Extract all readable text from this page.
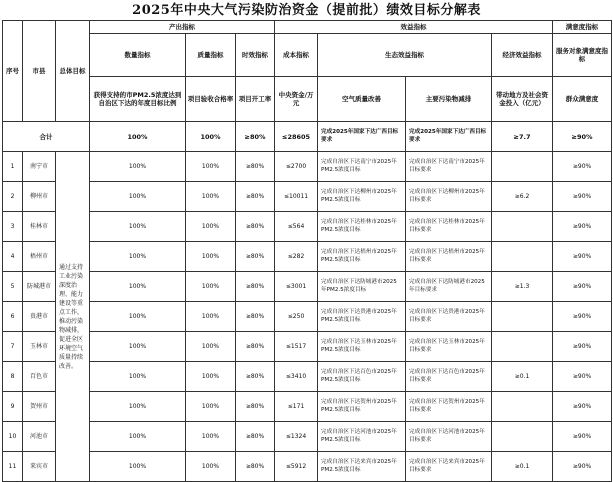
2025年中央大气污染防治资金（提前批）绩效目标分解表
序号	市县	总体目标	产出指标			效益指标				满意度指标
			数量指标	质量指标	时效指标	成本指标	生态效益指标		经济效益指标	服务对象满意度指标
			获得支持的市PM2.5浓度达到自治区下达的年度目标比例	项目验收合格率	项目开工率	中央资金/万元	空气质量改善	主要污染物减排	带动地方及社会资金投入（亿元）	群众满意度
合计			100%	100%	≥80%	≤28605	完成2025年国家下达广西目标要求	完成2025年国家下达广西目标要求	≥7.7	≥90%
1	南宁市	通过支持工业污染深度治理、能力建设等重点工作，推动污染物减排，促进全区环境空气质量持续改善。	100%	100%	≥80%	≤2700	完成自治区下达南宁市2025年PM2.5浓度目标	完成自治区下达南宁市2025年目标要求		≥90%
2	柳州市		100%	100%	≥80%	≤10011	完成自治区下达柳州市2025年PM2.5浓度目标	完成自治区下达柳州市2025年目标要求	≥6.2	≥90%
3	桂林市		100%	100%	≥80%	≤564	完成自治区下达桂林市2025年PM2.5浓度目标	完成自治区下达桂林市2025年目标要求		≥90%
4	梧州市		100%	100%	≥80%	≤282	完成自治区下达梧州市2025年PM2.5浓度目标	完成自治区下达梧州市2025年目标要求		≥90%
5	防城港市		100%	100%	≥80%	≤3001	完成自治区下达防城港市2025年PM2.5浓度目标	完成自治区下达防城港市2025年目标要求	≥1.3	≥90%
6	贵港市		100%	100%	≥80%	≤250	完成自治区下达贵港市2025年PM2.5浓度目标	完成自治区下达贵港市2025年目标要求		≥90%
7	玉林市		100%	100%	≥80%	≤1517	完成自治区下达玉林市2025年PM2.5浓度目标	完成自治区下达玉林市2025年目标要求		≥90%
8	百色市		100%	100%	≥80%	≤3410	完成自治区下达百色市2025年PM2.5浓度目标	完成自治区下达百色市2025年目标要求	≥0.1	≥90%
9	贺州市		100%	100%	≥80%	≤171	完成自治区下达贺州市2025年PM2.5浓度目标	完成自治区下达贺州市2025年目标要求		≥90%
10	河池市		100%	100%	≥80%	≤1324	完成自治区下达河池市2025年PM2.5浓度目标	完成自治区下达河池市2025年目标要求		≥90%
11	来宾市		100%	100%	≥80%	≤5912	完成自治区下达来宾市2025年PM2.5浓度目标	完成自治区下达来宾市2025年目标要求	≥0.1	≥90%
